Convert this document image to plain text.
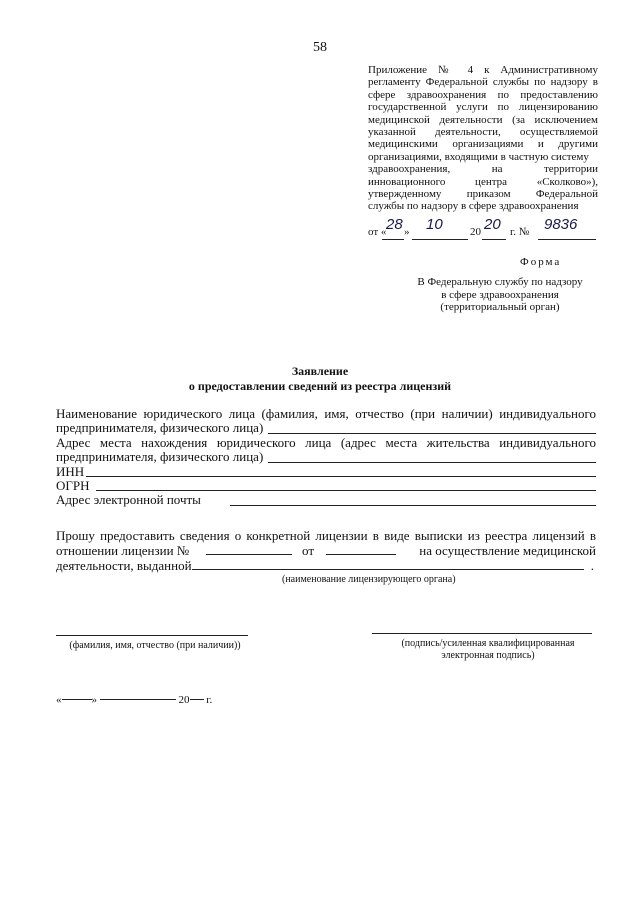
58
Приложение № 4 к Административному
регламенту Федеральной службы по надзору в
сфере здравоохранения по предоставлению
государственной услуги по лицензированию
медицинской деятельности (за исключением
указанной деятельности, осуществляемой
медицинскими организациями и другими
организациями, входящими в частную систему
здравоохранения, на территории
инновационного центра «Сколково»),
утвержденному приказом Федеральной
службы по надзору в сфере здравоохранения
от « 28 » 10 20 20 г. № 9836
Форма
В Федеральную службу по надзору
в сфере здравоохранения
(территориальный орган)
Заявление
о предоставлении сведений из реестра лицензий
Наименование юридического лица (фамилия, имя, отчество (при наличии) индивидуального
предпринимателя, физического лица)
Адрес места нахождения юридического лица (адрес места жительства индивидуального
предпринимателя, физического лица)
ИНН
ОГРН
Адрес электронной почты
Прошу предоставить сведения о конкретной лицензии в виде выписки из реестра лицензий в
отношении лицензии №	от	на осуществление медицинской
деятельности, выданной	.
(наименование лицензирующего органа)
(фамилия, имя, отчество (при наличии))	(подпись/усиленная квалифицированная
электронная подпись)
«	»	20 г.
